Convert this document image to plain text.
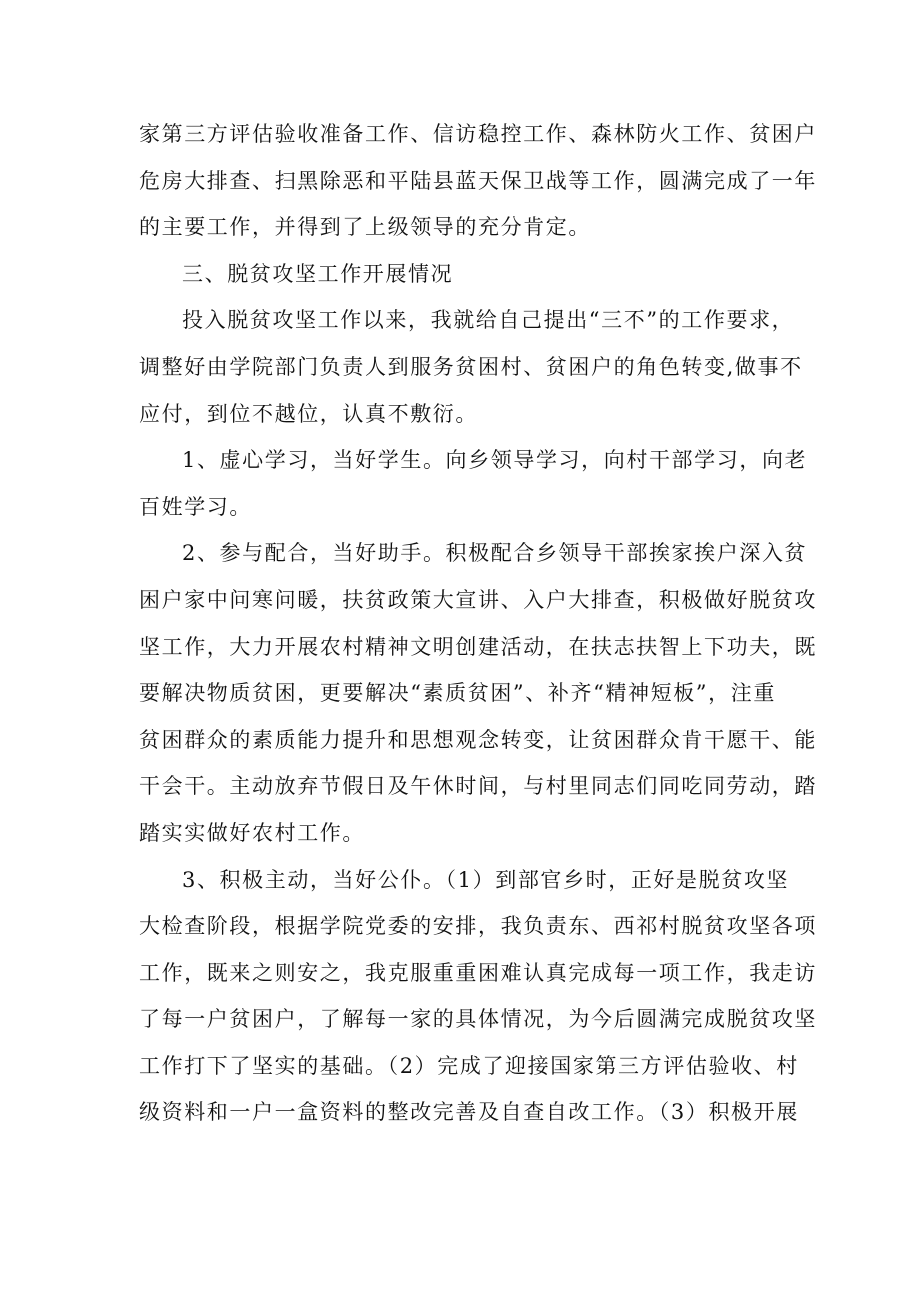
家第三方评估验收准备工作、信访稳控工作、森林防火工作、贫困户
危房大排查、扫黑除恶和平陆县蓝天保卫战等工作，圆满完成了一年
的主要工作，并得到了上级领导的充分肯定。
三、脱贫攻坚工作开展情况
投入脱贫攻坚工作以来，我就给自己提出“三不”的工作要求，
调整好由学院部门负责人到服务贫困村、贫困户的角色转变,做事不
应付，到位不越位，认真不敷衍。
1、虚心学习，当好学生。向乡领导学习，向村干部学习，向老
百姓学习。
2、参与配合，当好助手。积极配合乡领导干部挨家挨户深入贫
困户家中问寒问暖，扶贫政策大宣讲、入户大排查，积极做好脱贫攻
坚工作，大力开展农村精神文明创建活动，在扶志扶智上下功夫，既
要解决物质贫困，更要解决“素质贫困”、补齐“精神短板”，注重
贫困群众的素质能力提升和思想观念转变，让贫困群众肯干愿干、能
干会干。主动放弃节假日及午休时间，与村里同志们同吃同劳动，踏
踏实实做好农村工作。
3、积极主动，当好公仆。（1）到部官乡时，正好是脱贫攻坚
大检查阶段，根据学院党委的安排，我负责东、西祁村脱贫攻坚各项
工作，既来之则安之，我克服重重困难认真完成每一项工作，我走访
了每一户贫困户，了解每一家的具体情况，为今后圆满完成脱贫攻坚
工作打下了坚实的基础。（2）完成了迎接国家第三方评估验收、村
级资料和一户一盒资料的整改完善及自查自改工作。（3）积极开展
